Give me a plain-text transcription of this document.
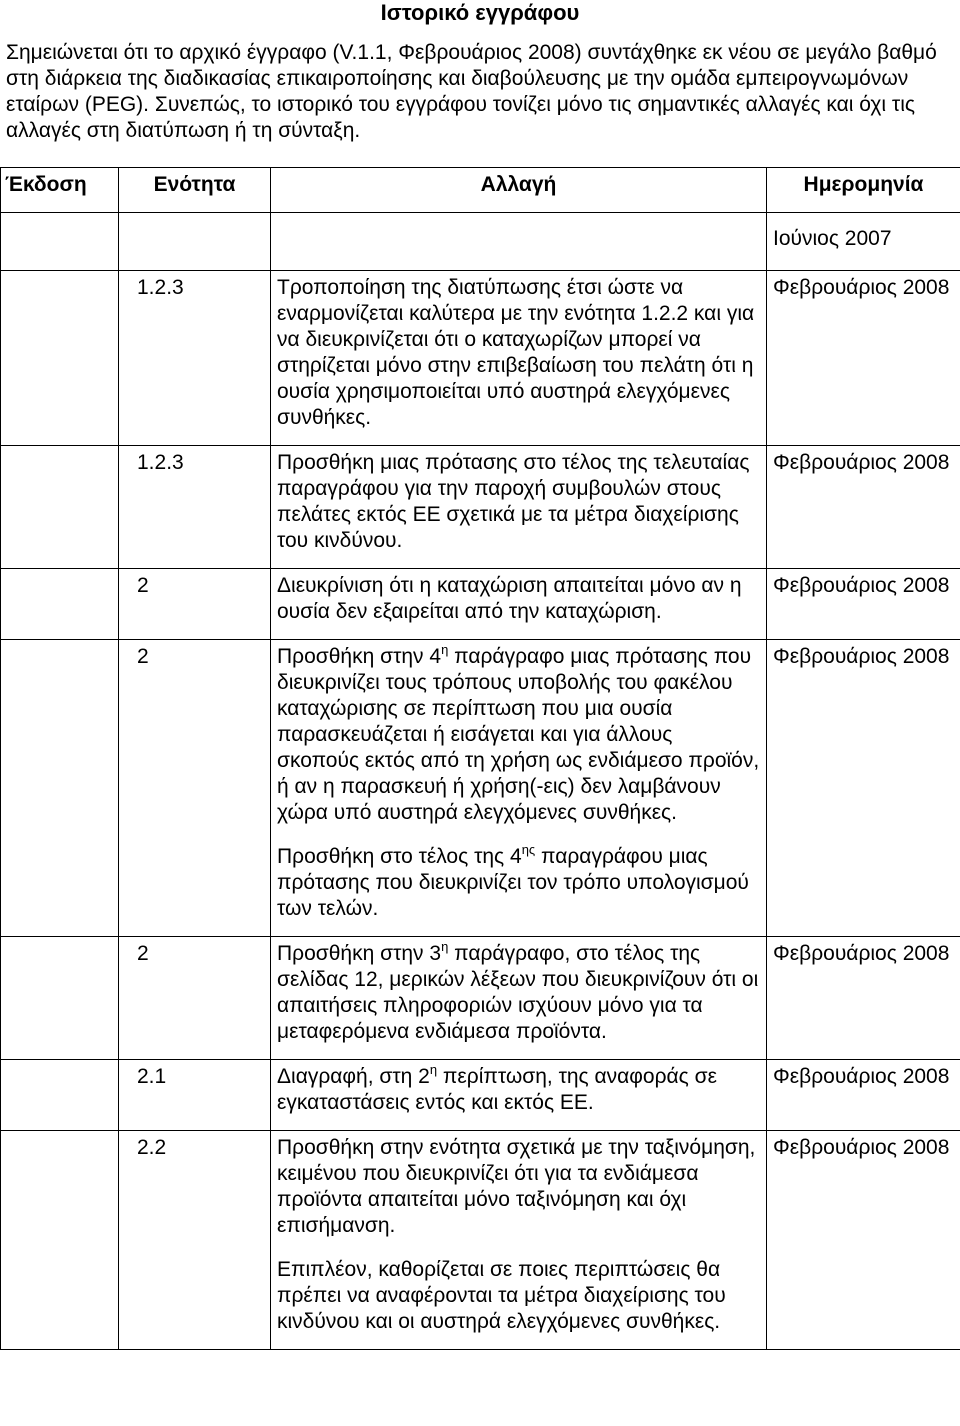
Ιστορικό εγγράφου

Σημειώνεται ότι το αρχικό έγγραφο (V.1.1, Φεβρουάριος 2008) συντάχθηκε εκ νέου σε μεγάλο βαθμό στη διάρκεια της διαδικασίας επικαιροποίησης και διαβούλευσης με την ομάδα εμπειρογνωμόνων εταίρων (PEG). Συνεπώς, το ιστορικό του εγγράφου τονίζει μόνο τις σημαντικές αλλαγές και όχι τις αλλαγές στη διατύπωση ή τη σύνταξη.

Έκδοση	Ενότητα	Αλλαγή	Ημερομηνία
			Ιούνιος 2007
	1.2.3	Τροποποίηση της διατύπωσης έτσι ώστε να εναρμονίζεται καλύτερα με την ενότητα 1.2.2 και για να διευκρινίζεται ότι ο καταχωρίζων μπορεί να στηρίζεται μόνο στην επιβεβαίωση του πελάτη ότι η ουσία χρησιμοποιείται υπό αυστηρά ελεγχόμενες συνθήκες.	Φεβρουάριος 2008
	1.2.3	Προσθήκη μιας πρότασης στο τέλος της τελευταίας παραγράφου για την παροχή συμβουλών στους πελάτες εκτός ΕΕ σχετικά με τα μέτρα διαχείρισης του κινδύνου.	Φεβρουάριος 2008
	2	Διευκρίνιση ότι η καταχώριση απαιτείται μόνο αν η ουσία δεν εξαιρείται από την καταχώριση.	Φεβρουάριος 2008
	2	Προσθήκη στην $4^\eta$ παράγραφο μιας πρότασης που διευκρινίζει τους τρόπους υποβολής του φακέλου καταχώρισης σε περίπτωση που μια ουσία παρασκευάζεται ή εισάγεται και για άλλους σκοπούς εκτός από τη χρήση ως ενδιάμεσο προϊόν, ή αν η παρασκευή ή χρήση(-εις) δεν λαμβάνουν χώρα υπό αυστηρά ελεγχόμενες συνθήκες.
Προσθήκη στο τέλος της $4^{\eta\varsigma}$ παραγράφου μιας πρότασης που διευκρινίζει τον τρόπο υπολογισμού των τελών.	Φεβρουάριος 2008
	2	Προσθήκη στην $3^\eta$ παράγραφο, στο τέλος της σελίδας 12, μερικών λέξεων που διευκρινίζουν ότι οι απαιτήσεις πληροφοριών ισχύουν μόνο για τα μεταφερόμενα ενδιάμεσα προϊόντα.	Φεβρουάριος 2008
	2.1	Διαγραφή, στη $2^\eta$ περίπτωση, της αναφοράς σε εγκαταστάσεις εντός και εκτός ΕΕ.	Φεβρουάριος 2008
	2.2	Προσθήκη στην ενότητα σχετικά με την ταξινόμηση, κειμένου που διευκρινίζει ότι για τα ενδιάμεσα προϊόντα απαιτείται μόνο ταξινόμηση και όχι επισήμανση.
Επιπλέον, καθορίζεται σε ποιες περιπτώσεις θα πρέπει να αναφέρονται τα μέτρα διαχείρισης του κινδύνου και οι αυστηρά ελεγχόμενες συνθήκες.	Φεβρουάριος 2008
